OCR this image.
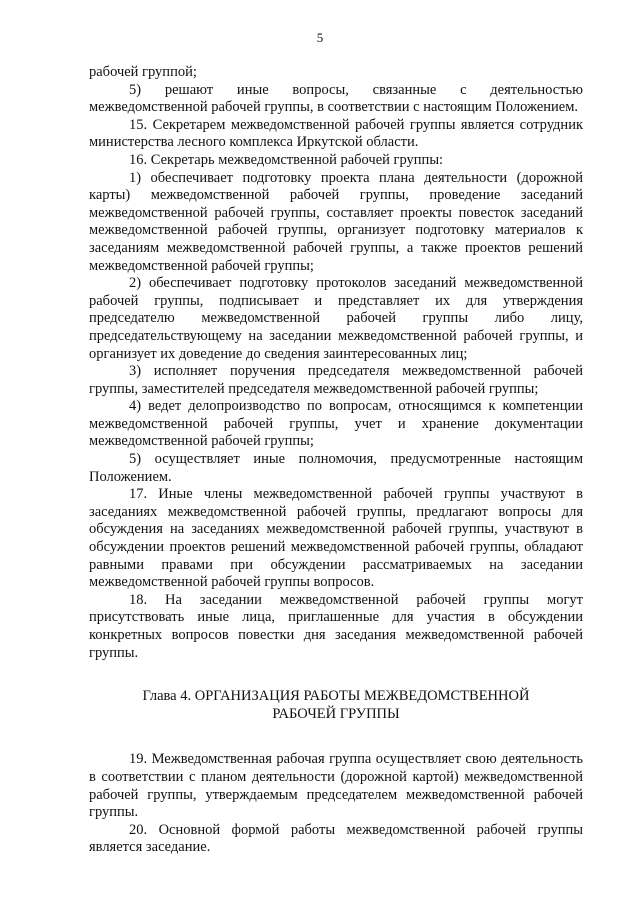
5

рабочей группой;

5) решают иные вопросы, связанные с деятельностью межведомственной рабочей группы, в соответствии с настоящим Положением.

15. Секретарем межведомственной рабочей группы является сотрудник министерства лесного комплекса Иркутской области.

16. Секретарь межведомственной рабочей группы:

1) обеспечивает подготовку проекта плана деятельности (дорожной карты) межведомственной рабочей группы, проведение заседаний межведомственной рабочей группы, составляет проекты повесток заседаний межведомственной рабочей группы, организует подготовку материалов к заседаниям межведомственной рабочей группы, а также проектов решений межведомственной рабочей группы;

2) обеспечивает подготовку протоколов заседаний межведомственной рабочей группы, подписывает и представляет их для утверждения председателю межведомственной рабочей группы либо лицу, председательствующему на заседании межведомственной рабочей группы, и организует их доведение до сведения заинтересованных лиц;

3) исполняет поручения председателя межведомственной рабочей группы, заместителей председателя межведомственной рабочей группы;

4) ведет делопроизводство по вопросам, относящимся к компетенции межведомственной рабочей группы, учет и хранение документации межведомственной рабочей группы;

5) осуществляет иные полномочия, предусмотренные настоящим Положением.

17. Иные члены межведомственной рабочей группы участвуют в заседаниях межведомственной рабочей группы, предлагают вопросы для обсуждения на заседаниях межведомственной рабочей группы, участвуют в обсуждении проектов решений межведомственной рабочей группы, обладают равными правами при обсуждении рассматриваемых на заседании межведомственной рабочей группы вопросов.

18. На заседании межведомственной рабочей группы могут присутствовать иные лица, приглашенные для участия в обсуждении конкретных вопросов повестки дня заседания межведомственной рабочей группы.

Глава 4. ОРГАНИЗАЦИЯ РАБОТЫ МЕЖВЕДОМСТВЕННОЙ
РАБОЧЕЙ ГРУППЫ

19. Межведомственная рабочая группа осуществляет свою деятельность в соответствии с планом деятельности (дорожной картой) межведомственной рабочей группы, утверждаемым председателем межведомственной рабочей группы.

20. Основной формой работы межведомственной рабочей группы является заседание.
